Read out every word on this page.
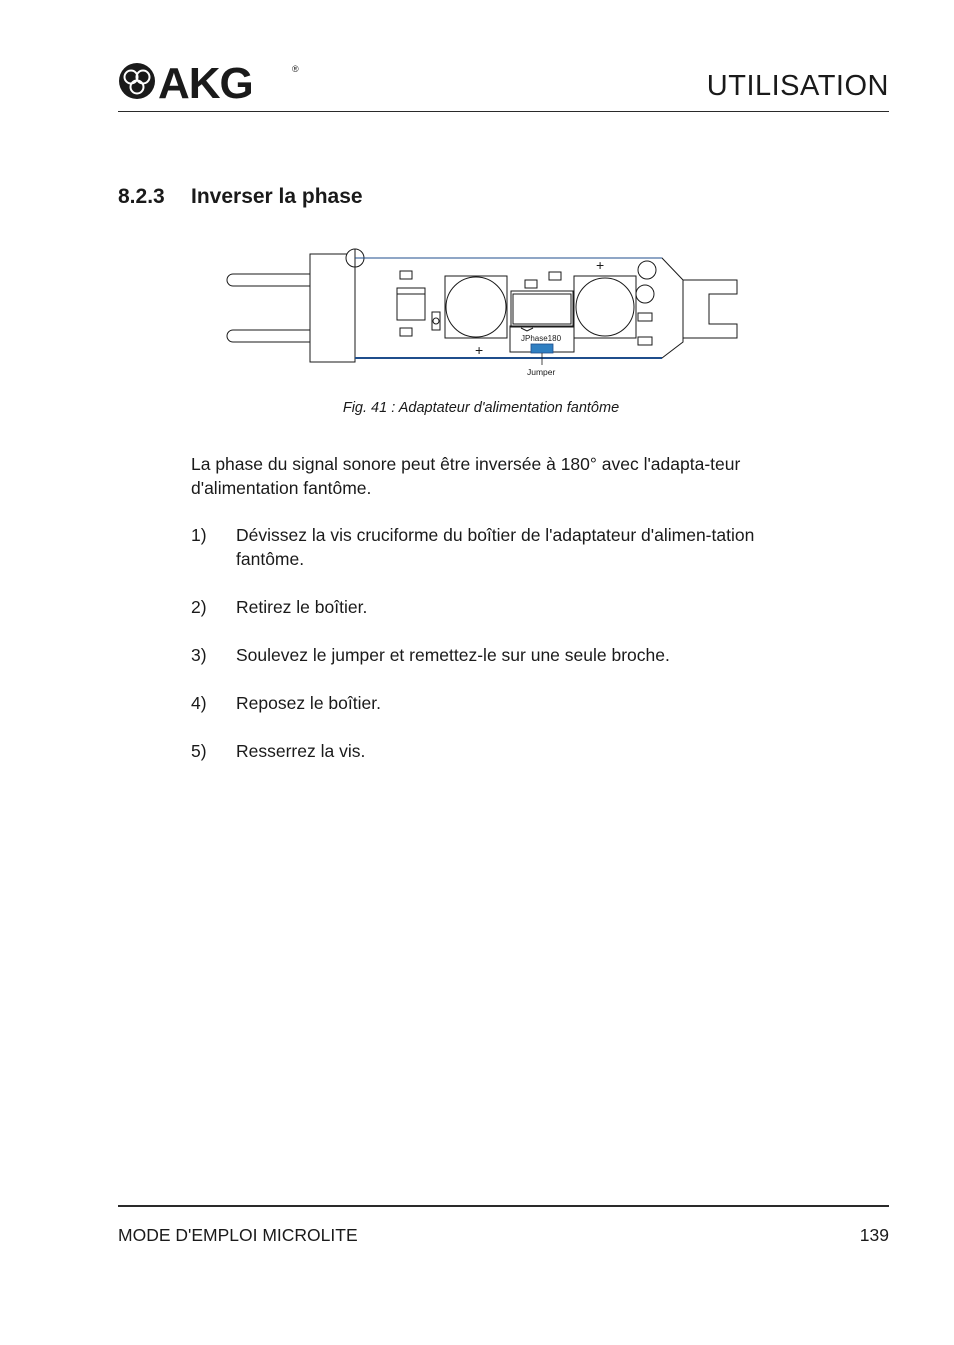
AKG	®
UTILISATION
8.2.3 Inverser la phase
+
+
JPhase180
Jumper
Fig. 41 : Adaptateur d'alimentation fantôme

La phase du signal sonore peut être inversée à 180° avec l'adapta-teur d'alimentation fantôme.

1)	Dévissez la vis cruciforme du boîtier de l'adaptateur d'alimen-tation fantôme.
2)	Retirez le boîtier.
3)	Soulevez le jumper et remettez-le sur une seule broche.
4)	Reposez le boîtier.
5)	Resserrez la vis.
MODE D'EMPLOI MICROLITE	139
